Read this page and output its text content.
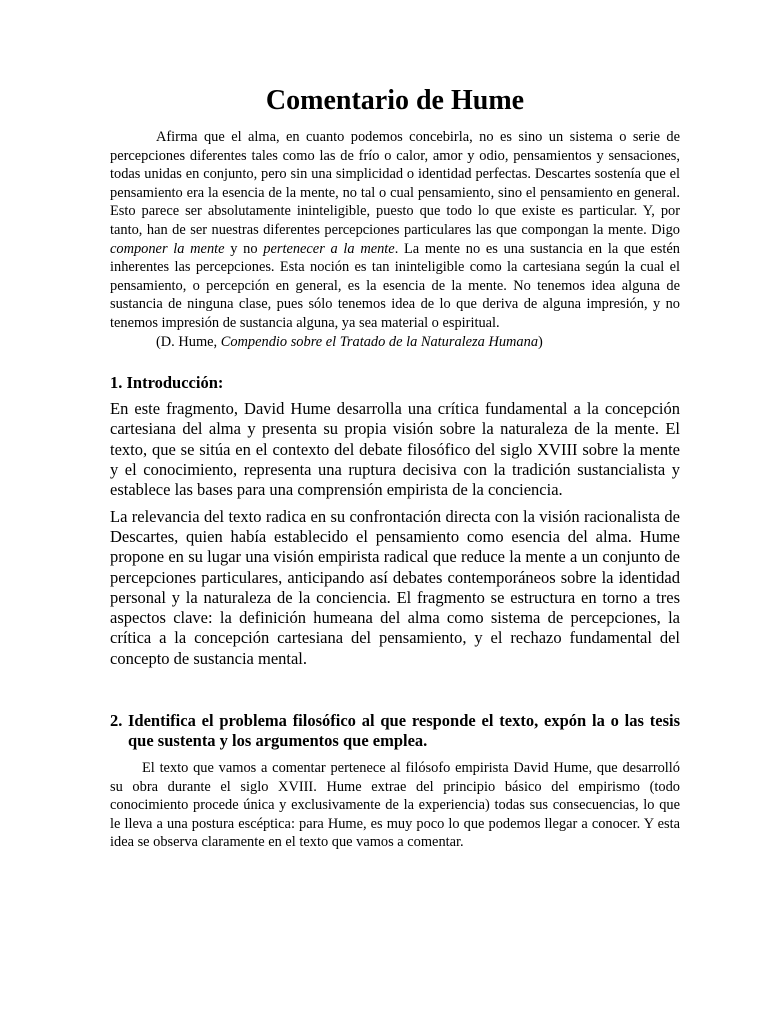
Comentario de Hume

Afirma que el alma, en cuanto podemos concebirla, no es sino un sistema o serie de percepciones diferentes tales como las de frío o calor, amor y odio, pensamientos y sensaciones, todas unidas en conjunto, pero sin una simplicidad o identidad perfectas. Descartes sostenía que el pensamiento era la esencia de la mente, no tal o cual pensamiento, sino el pensamiento en general. Esto parece ser absolutamente ininteligible, puesto que todo lo que existe es particular. Y, por tanto, han de ser nuestras diferentes percepciones particulares las que compongan la mente. Digo componer la mente y no pertenecer a la mente. La mente no es una sustancia en la que estén inherentes las percepciones. Esta noción es tan ininteligible como la cartesiana según la cual el pensamiento, o percepción en general, es la esencia de la mente. No tenemos idea alguna de sustancia de ninguna clase, pues sólo tenemos idea de lo que deriva de alguna impresión, y no tenemos impresión de sustancia alguna, ya sea material o espiritual.

(D. Hume, Compendio sobre el Tratado de la Naturaleza Humana)

1. Introducción:

En este fragmento, David Hume desarrolla una crítica fundamental a la concepción cartesiana del alma y presenta su propia visión sobre la naturaleza de la mente. El texto, que se sitúa en el contexto del debate filosófico del siglo XVIII sobre la mente y el conocimiento, representa una ruptura decisiva con la tradición sustancialista y establece las bases para una comprensión empirista de la conciencia.

La relevancia del texto radica en su confrontación directa con la visión racionalista de Descartes, quien había establecido el pensamiento como esencia del alma. Hume propone en su lugar una visión empirista radical que reduce la mente a un conjunto de percepciones particulares, anticipando así debates contemporáneos sobre la identidad personal y la naturaleza de la conciencia. El fragmento se estructura en torno a tres aspectos clave: la definición humeana del alma como sistema de percepciones, la crítica a la concepción cartesiana del pensamiento, y el rechazo fundamental del concepto de sustancia mental.

2. Identifica el problema filosófico al que responde el texto, expón la o las tesis que sustenta y los argumentos que emplea.

El texto que vamos a comentar pertenece al filósofo empirista David Hume, que desarrolló su obra durante el siglo XVIII. Hume extrae del principio básico del empirismo (todo conocimiento procede única y exclusivamente de la experiencia) todas sus consecuencias, lo que le lleva a una postura escéptica: para Hume, es muy poco lo que podemos llegar a conocer. Y esta idea se observa claramente en el texto que vamos a comentar.
